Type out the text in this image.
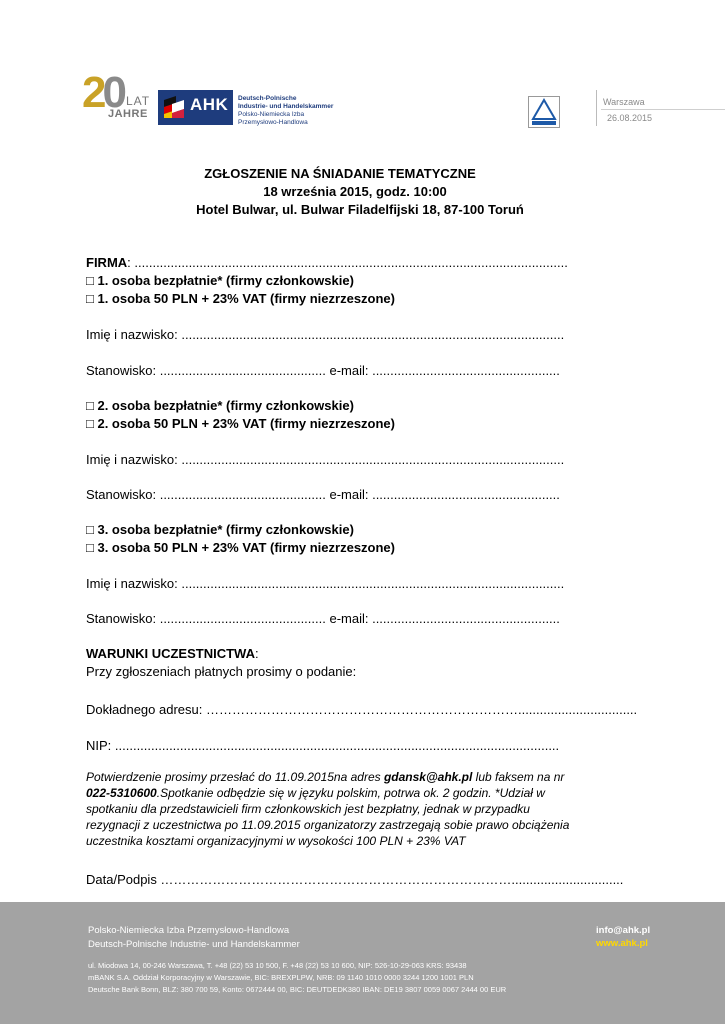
20 LAT
JAHRE AHK Deutsch-Polnische
Industrie- und Handelskammer
Polsko-Niemiecka Izba
Przemysłowo-Handlowa
Warszawa
26.08.2015
ZGŁOSZENIE NA ŚNIADANIE TEMATYCZNE
18 września 2015, godz. 10:00
Hotel Bulwar, ul. Bulwar Filadelfijski 18, 87-100 Toruń
FIRMA: ........................................................................................................................
□ 1. osoba bezpłatnie* (firmy członkowskie)
□ 1. osoba 50 PLN + 23% VAT (firmy niezrzeszone)
Imię i nazwisko: ..........................................................................................................
Stanowisko: .............................................. e-mail: ....................................................
□ 2. osoba bezpłatnie* (firmy członkowskie)
□ 2. osoba 50 PLN + 23% VAT (firmy niezrzeszone)
Imię i nazwisko: ..........................................................................................................
Stanowisko: .............................................. e-mail: ....................................................
□ 3. osoba bezpłatnie* (firmy członkowskie)
□ 3. osoba 50 PLN + 23% VAT (firmy niezrzeszone)
Imię i nazwisko: ..........................................................................................................
Stanowisko: .............................................. e-mail: ....................................................
WARUNKI UCZESTNICTWA:
Przy zgłoszeniach płatnych prosimy o podanie:
Dokładnego adresu: ……………………………………………………………….................................
NIP: ...........................................................................................................................
Potwierdzenie prosimy przesłać do 11.09.2015na adres gdansk@ahk.pl lub faksem na nr
022-5310600.Spotkanie odbędzie się w języku polskim, potrwa ok. 2 godzin. *Udział w
spotkaniu dla przedstawicieli firm członkowskich jest bezpłatny, jednak w przypadku
rezygnacji z uczestnictwa po 11.09.2015 organizatorzy zastrzegają sobie prawo obciążenia
uczestnika kosztami organizacyjnymi w wysokości 100 PLN + 23% VAT
Data/Podpis ………………………………………………………………………...............................
Polsko-Niemiecka Izba Przemysłowo-Handlowa
Deutsch-Polnische Industrie- und Handelskammer
ul. Miodowa 14, 00-246 Warszawa, T. +48 (22) 53 10 500, F. +48 (22) 53 10 600, NIP: 526-10-29-063 KRS: 93438
mBANK S.A. Oddział Korporacyjny w Warszawie, BIC: BREXPLPW, NRB: 09 1140 1010 0000 3244 1200 1001 PLN
Deutsche Bank Bonn, BLZ: 380 700 59, Konto: 0672444 00, BIC: DEUTDEDK380 IBAN: DE19 3807 0059 0067 2444 00 EUR
info@ahk.pl
www.ahk.pl
